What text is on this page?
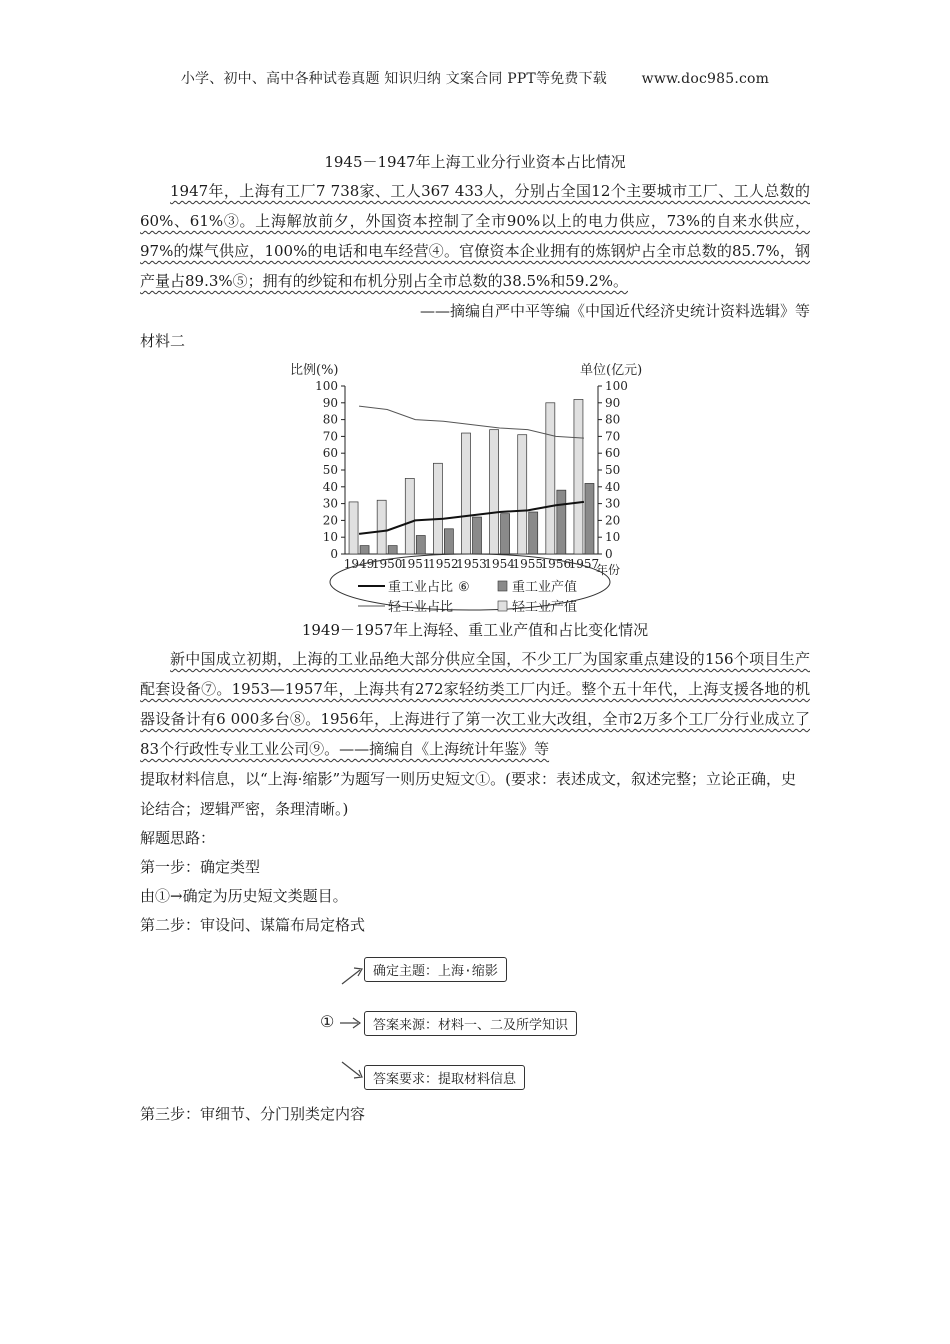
小学、初中、高中各种试卷真题 知识归纳 文案合同 PPT等免费下载 www.doc985.com
1945－1947年上海工业分行业资本占比情况

1947年，上海有工厂7 738家、工人367 433人，分别占全国12个主要城市工厂、工人总数的60%、61%③。上海解放前夕，外国资本控制了全市90%以上的电力供应，73%的自来水供应，97%的煤气供应，100%的电话和电车经营④。官僚资本企业拥有的炼钢炉占全市总数的85.7%，钢产量占89.3%⑤；拥有的纱锭和布机分别占全市总数的38.5%和59.2%。

——摘编自严中平等编《中国近代经济史统计资料选辑》等
材料二
比例(%)	单位(亿元)
0	0
10	10
20	20
30	30
40	40
50	50
60	60
70	70
80	80
90	90
100	100
1949
1950
1951
1952
1953
1954
1955
1956
1957
年份
重工业占比 ⑥	重工业产值
轻工业占比	轻工业产值
1949－1957年上海轻、重工业产值和占比变化情况

新中国成立初期，上海的工业品绝大部分供应全国，不少工厂为国家重点建设的156个项目生产配套设备⑦。1953—1957年，上海共有272家轻纺类工厂内迁。整个五十年代，上海支援各地的机器设备计有6 000多台⑧。1956年，上海进行了第一次工业大改组，全市2万多个工厂分行业成立了83个行政性专业工业公司⑨。——摘编自《上海统计年鉴》等

提取材料信息，以“上海·缩影”为题写一则历史短文①。(要求：表述成文，叙述完整；立论正确，史论结合；逻辑严密，条理清晰。)
解题思路：
第一步：确定类型
由①→确定为历史短文类题目。
第二步：审设问、谋篇布局定格式
①
确定主题：上海·缩影
答案来源：材料一、二及所学知识
答案要求：提取材料信息
第三步：审细节、分门别类定内容
